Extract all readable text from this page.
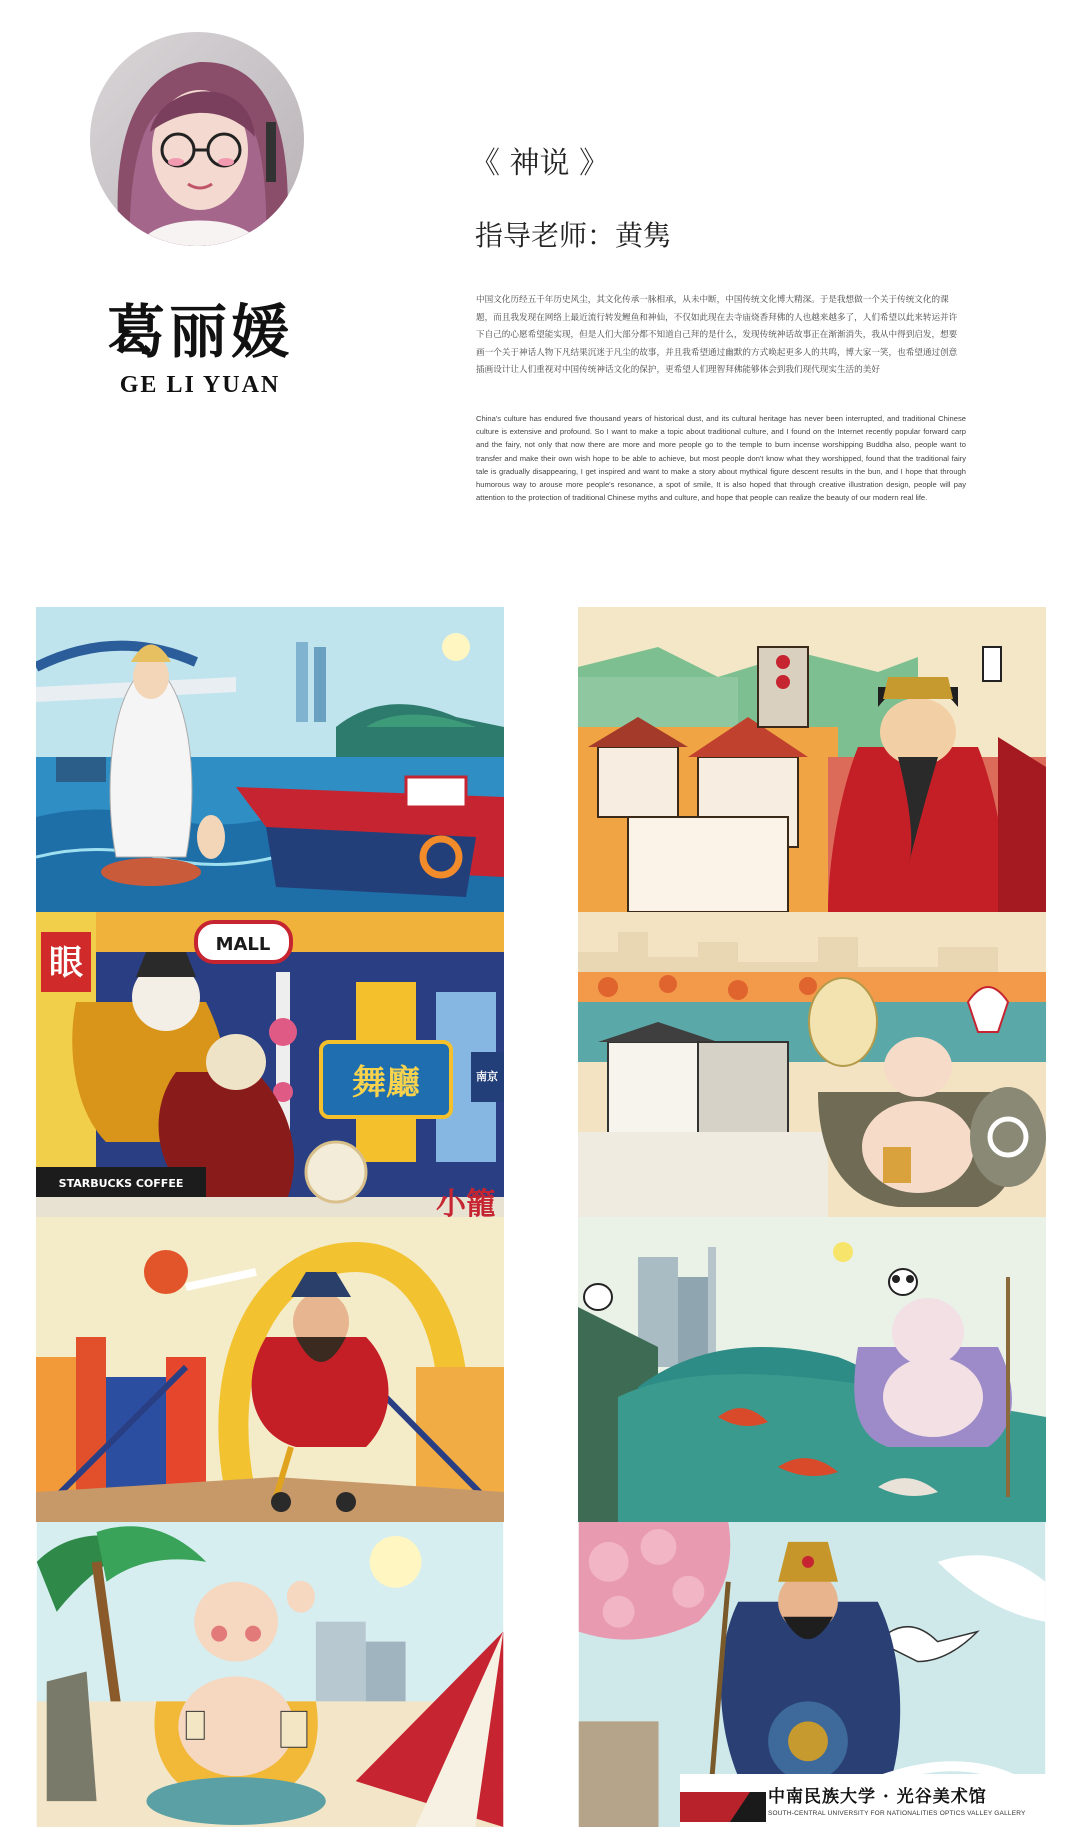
葛丽媛
GE LI YUAN
《 神说 》
指导老师：黄隽

中国文化历经五千年历史风尘，其文化传承一脉相承，从未中断，中国传统文化博大精深。于是我想做一个关于传统文化的课题，而且我发现在网络上最近流行转发鲤鱼和神仙，不仅如此现在去寺庙烧香拜佛的人也越来越多了，人们希望以此来转运并许下自己的心愿希望能实现，但是人们大部分都不知道自己拜的是什么，发现传统神话故事正在渐渐消失，我从中得到启发，想要画一个关于神话人物下凡结果沉迷于凡尘的故事，并且我希望通过幽默的方式唤起更多人的共鸣，博大家一笑，也希望通过创意插画设计让人们重视对中国传统神话文化的保护，更希望人们理智拜佛能够体会到我们现代现实生活的美好

China's culture has endured five thousand years of historical dust, and its cultural heritage has never been interrupted, and traditional Chinese culture is extensive and profound. So I want to make a topic about traditional culture, and I found on the Internet recently popular forward carp and the fairy, not only that now there are more and more people go to the temple to burn incense worshipping Buddha also, people want to transfer and make their own wish hope to be able to achieve, but most people don't know what they worshipped, found that the traditional fairy tale is gradually disappearing, I get inspired and want to make a story about mythical figure descent results in the bun, and I hope that through humorous way to arouse more people's resonance, a spot of smile, It is also hoped that through creative illustration design, people will pay attention to the protection of traditional Chinese myths and culture, and hope that people can realize the beauty of our modern real life.

眼	MALL
舞廳	南京
STARBUCKS COFFEE
小籠
中南民族大学 · 光谷美术馆
SOUTH-CENTRAL UNIVERSITY FOR NATIONALITIES OPTICS VALLEY GALLERY
